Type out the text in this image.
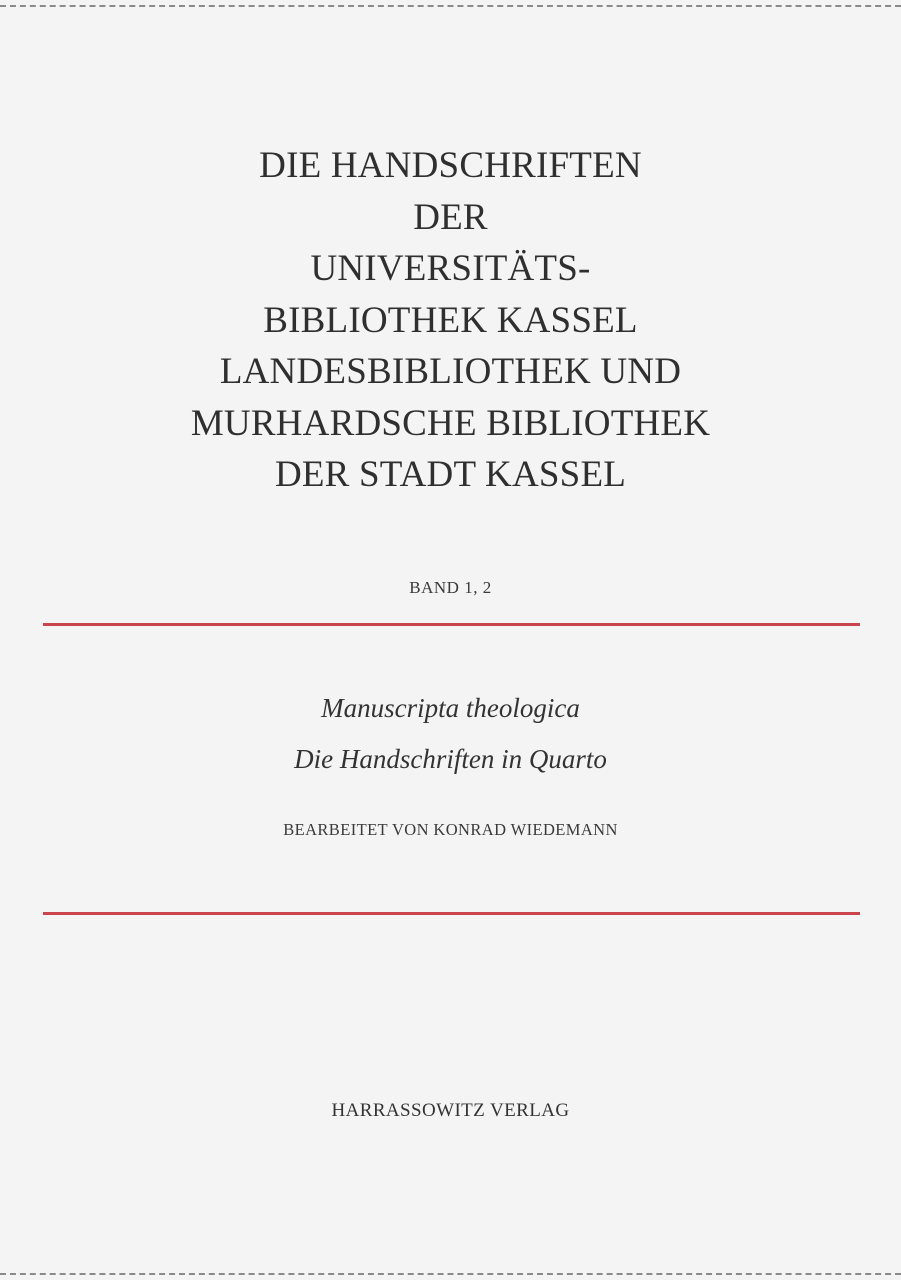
DIE HANDSCHRIFTEN
DER
UNIVERSITÄTS-
BIBLIOTHEK KASSEL
LANDESBIBLIOTHEK UND
MURHARDSCHE BIBLIOTHEK
DER STADT KASSEL
BAND 1, 2
Manuscripta theologica
Die Handschriften in Quarto
BEARBEITET VON KONRAD WIEDEMANN
HARRASSOWITZ VERLAG
